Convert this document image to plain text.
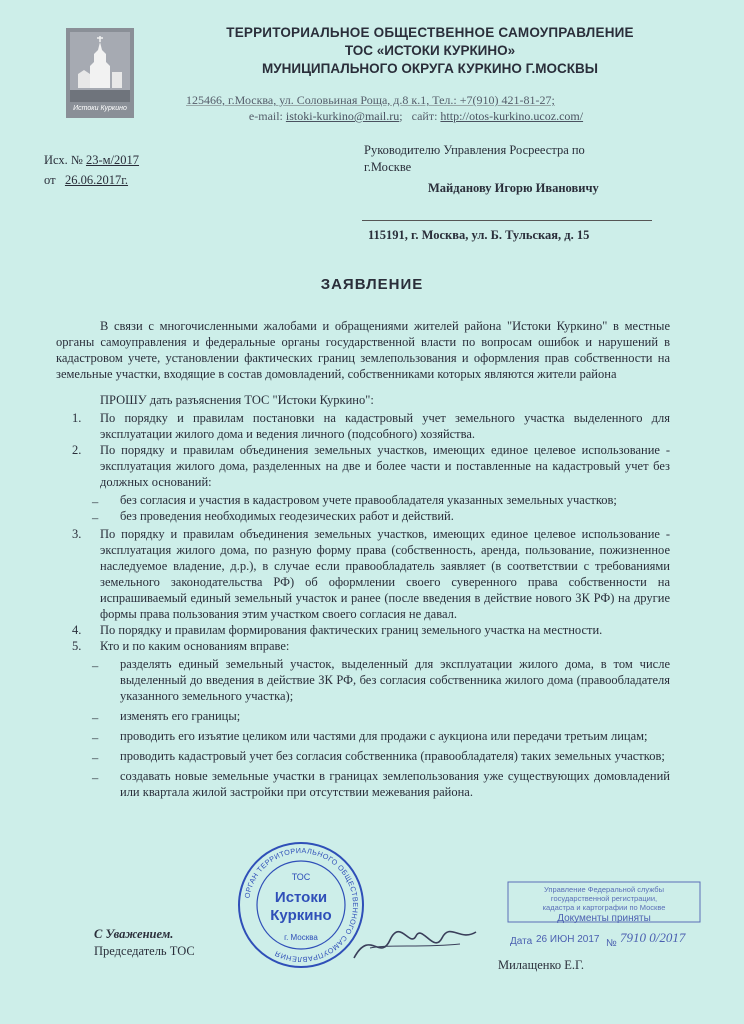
Истоки Куркино
ТЕРРИТОРИАЛЬНОЕ ОБЩЕСТВЕННОЕ САМОУПРАВЛЕНИЕ
ТОС «ИСТОКИ КУРКИНО»
МУНИЦИПАЛЬНОГО ОКРУГА КУРКИНО Г.МОСКВЫ
125466, г.Москва, ул. Соловьиная Роща, д.8 к.1, Тел.: +7(910) 421-81-27;
e-mail: istoki-kurkino@mail.ru;   сайт: http://otos-kurkino.ucoz.com/
Исх. № 23-м/2017
от 26.06.2017г.
Руководителю Управления Росреестра по
г.Москве
Майданову Игорю Ивановичу
115191, г. Москва, ул. Б. Тульская, д. 15
ЗАЯВЛЕНИЕ
В связи с многочисленными жалобами и обращениями жителей района "Истоки Куркино" в местные органы самоуправления и федеральные органы государственной власти по вопросам ошибок и нарушений в кадастровом учете, установлении фактических границ землепользования и оформления прав собственности на земельные участки, входящие в состав домовладений, собственниками которых являются жители района
ПРОШУ дать разъяснения ТОС "Истоки Куркино":
1. По порядку и правилам постановки на кадастровый учет земельного участка выделенного для эксплуатации жилого дома и ведения личного (подсобного) хозяйства.
2. По порядку и правилам объединения земельных участков, имеющих единое целевое использование - эксплуатация жилого дома, разделенных на две и более части и поставленные на кадастровый учет без должных оснований:
– без согласия и участия в кадастровом учете правообладателя указанных земельных участков;
– без проведения необходимых геодезических работ и действий.
3. По порядку и правилам объединения земельных участков, имеющих единое целевое использование - эксплуатация жилого дома, по разную форму права (собственность, аренда, пользование, пожизненное наследуемое владение, д.р.), в случае если правообладатель заявляет (в соответствии с требованиями земельного законодательства РФ) об оформлении своего суверенного права собственности на испрашиваемый единый земельный участок и ранее (после введения в действие нового ЗК РФ) на другие формы права пользования этим участком своего согласия не давал.
4. По порядку и правилам формирования фактических границ земельного участка на местности.
5. Кто и по каким основаниям вправе:
– разделять единый земельный участок, выделенный для эксплуатации жилого дома, в том числе выделенный до введения в действие ЗК РФ, без согласия собственника жилого дома (правообладателя указанного земельного участка);
– изменять его границы;
– проводить его изъятие целиком или частями для продажи с аукциона или передачи третьим лицам;
– проводить кадастровый учет без согласия собственника (правообладателя) таких земельных участков;
– создавать новые земельные участки в границах землепользования уже существующих домовладений или квартала жилой застройки при отсутствии межевания района.
Управление Федеральной службы
государственной регистрации,
кадастра и картографии по Москве
Документы приняты
Дата 26 ИЮН 2017 № 7910 0/2017
ОРГАН ТЕРРИТОРИАЛЬНОГО ОБЩЕСТВЕННОГО САМОУПРАВЛЕНИЯ
ТОС
Истоки
Куркино
г. Москва
С Уважением.
Председатель ТОС
Милащенко Е.Г.
